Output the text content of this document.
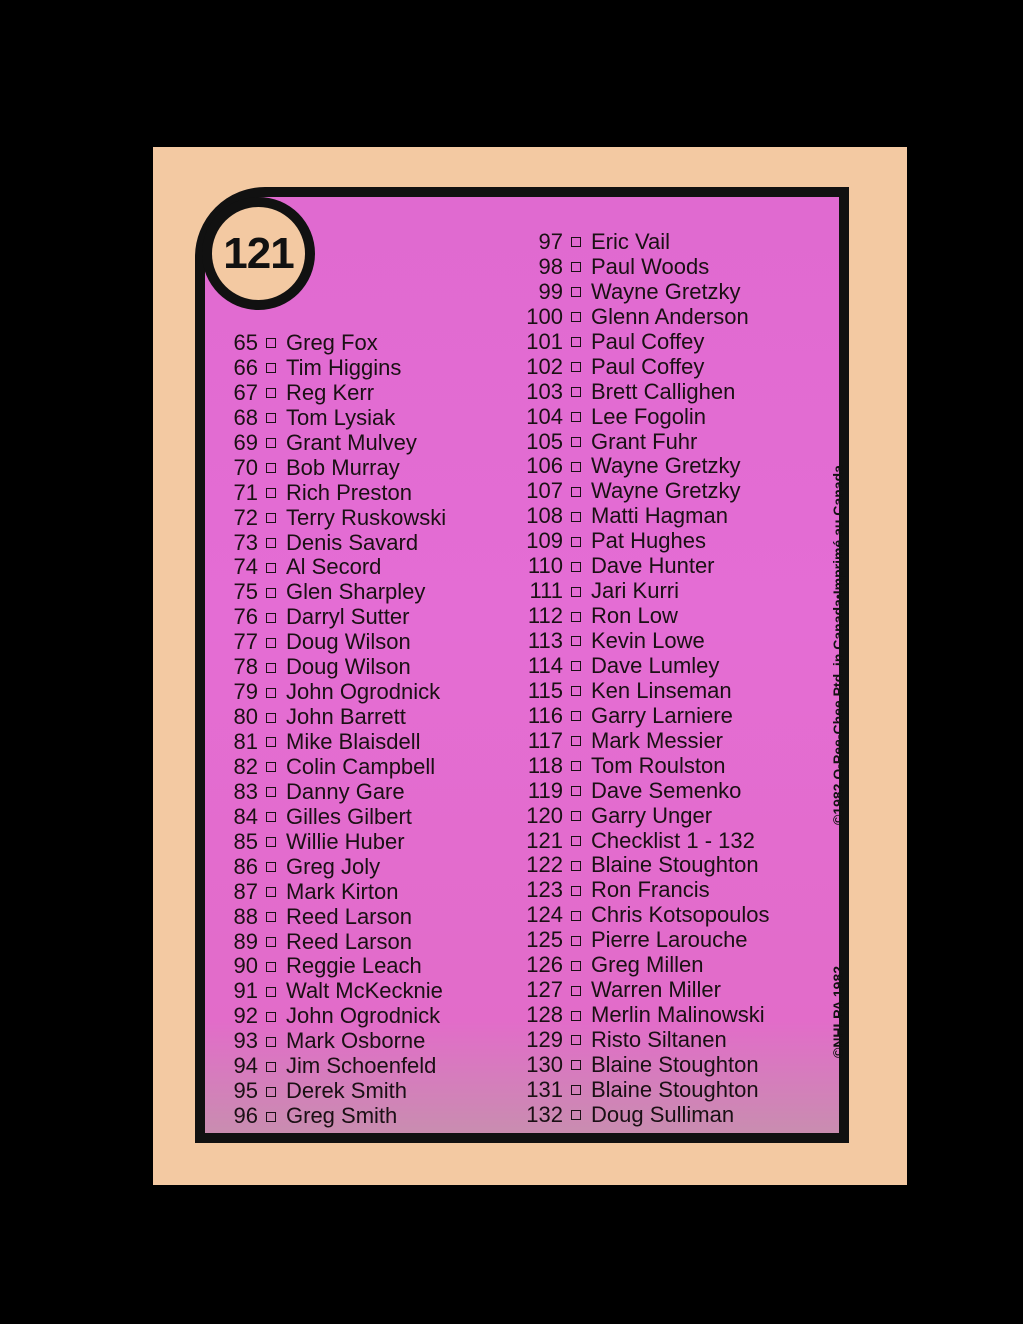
121
65 Greg Fox
66 Tim Higgins
67 Reg Kerr
68 Tom Lysiak
69 Grant Mulvey
70 Bob Murray
71 Rich Preston
72 Terry Ruskowski
73 Denis Savard
74 Al Secord
75 Glen Sharpley
76 Darryl Sutter
77 Doug Wilson
78 Doug Wilson
79 John Ogrodnick
80 John Barrett
81 Mike Blaisdell
82 Colin Campbell
83 Danny Gare
84 Gilles Gilbert
85 Willie Huber
86 Greg Joly
87 Mark Kirton
88 Reed Larson
89 Reed Larson
90 Reggie Leach
91 Walt McKecknie
92 John Ogrodnick
93 Mark Osborne
94 Jim Schoenfeld
95 Derek Smith
96 Greg Smith
97 Eric Vail
98 Paul Woods
99 Wayne Gretzky
100 Glenn Anderson
101 Paul Coffey
102 Paul Coffey
103 Brett Callighen
104 Lee Fogolin
105 Grant Fuhr
106 Wayne Gretzky
107 Wayne Gretzky
108 Matti Hagman
109 Pat Hughes
110 Dave Hunter
111 Jari Kurri
112 Ron Low
113 Kevin Lowe
114 Dave Lumley
115 Ken Linseman
116 Garry Larniere
117 Mark Messier
118 Tom Roulston
119 Dave Semenko
120 Garry Unger
121 Checklist 1 - 132
122 Blaine Stoughton
123 Ron Francis
124 Chris Kotsopoulos
125 Pierre Larouche
126 Greg Millen
127 Warren Miller
128 Merlin Malinowski
129 Risto Siltanen
130 Blaine Stoughton
131 Blaine Stoughton
132 Doug Sulliman
©1982 O-Pee-Chee Ptd. in Canada•Imprimé au Canada
©NHLPA 1982
